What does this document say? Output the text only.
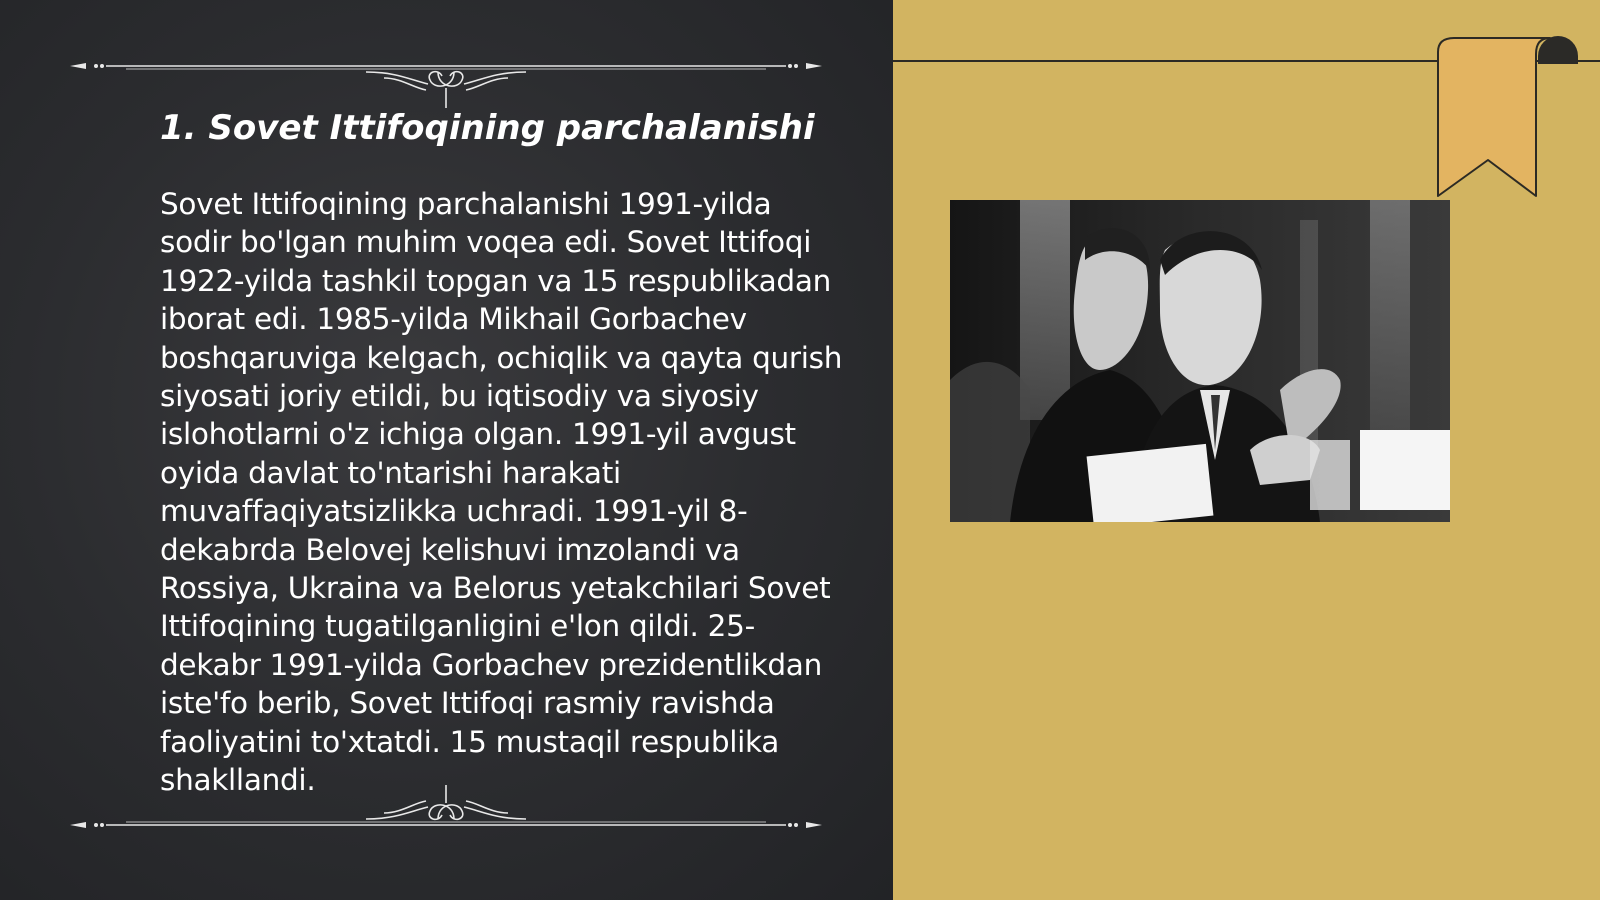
1. Sovet Ittifoqining parchalanishi

Sovet Ittifoqining parchalanishi 1991-yilda sodir bo'lgan muhim voqea edi. Sovet Ittifoqi 1922-yilda tashkil topgan va 15 respublikadan iborat edi. 1985-yilda Mikhail Gorbachev boshqaruviga kelgach, ochiqlik va qayta qurish siyosati joriy etildi, bu iqtisodiy va siyosiy islohotlarni o'z ichiga olgan. 1991-yil avgust oyida davlat to'ntarishi harakati muvaffaqiyatsizlikka uchradi. 1991-yil 8-dekabrda Belovej kelishuvi imzolandi va Rossiya, Ukraina va Belorus yetakchilari Sovet Ittifoqining tugatilganligini e'lon qildi. 25-dekabr 1991-yilda Gorbachev prezidentlikdan iste'fo berib, Sovet Ittifoqi rasmiy ravishda faoliyatini to'xtatdi. 15 mustaqil respublika shakllandi.
